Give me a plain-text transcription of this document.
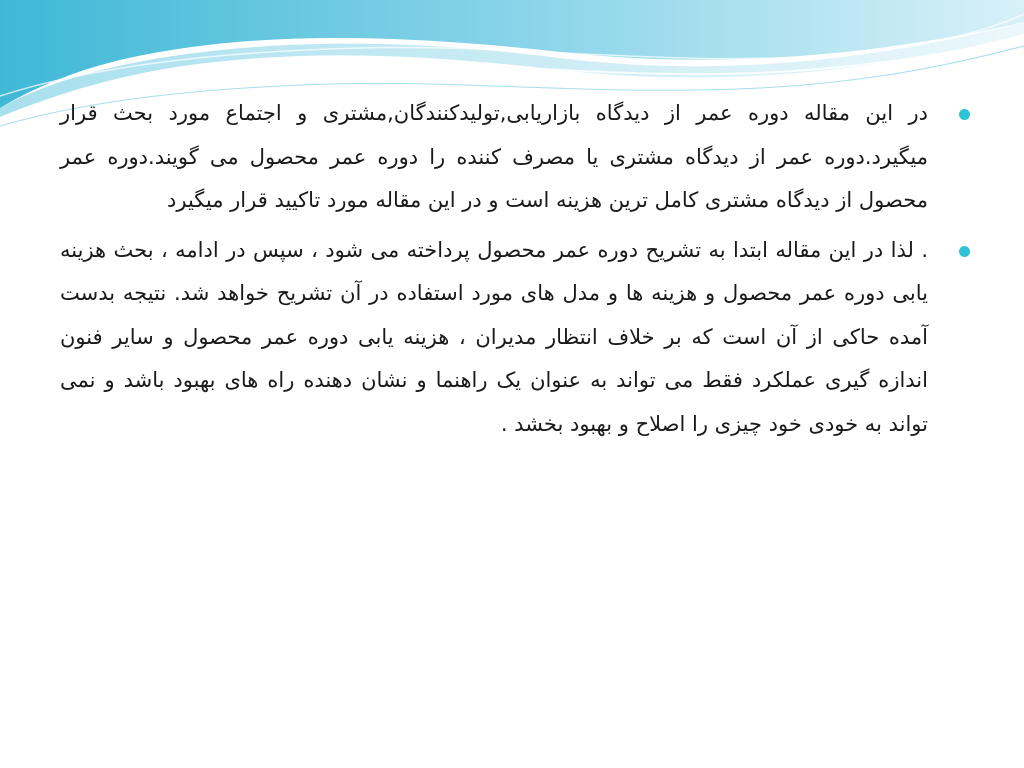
در این مقاله دوره عمر از دیدگاه بازاریابی,تولیدکنندگان,مشتری و اجتماع مورد بحث قرار میگیرد.دوره عمر از دیدگاه مشتری یا مصرف کننده را دوره عمر محصول می گویند.دوره عمر محصول از دیدگاه مشتری کامل ترین هزینه است و در این مقاله مورد تاکیید قرار میگیرد

. لذا در این مقاله ابتدا به تشریح دوره عمر محصول پرداخته می شود ، سپس در ادامه ، بحث هزینه یابی دوره عمر محصول و هزینه ها و مدل های مورد استفاده در آن تشریح خواهد شد. نتیجه بدست آمده حاکی از آن است که بر خلاف انتظار مدیران ، هزینه یابی دوره عمر محصول و سایر فنون اندازه گیری عملکرد فقط می تواند به عنوان یک راهنما و نشان دهنده راه های بهبود باشد و نمی تواند به خودی خود چیزی را اصلاح و بهبود بخشد .
